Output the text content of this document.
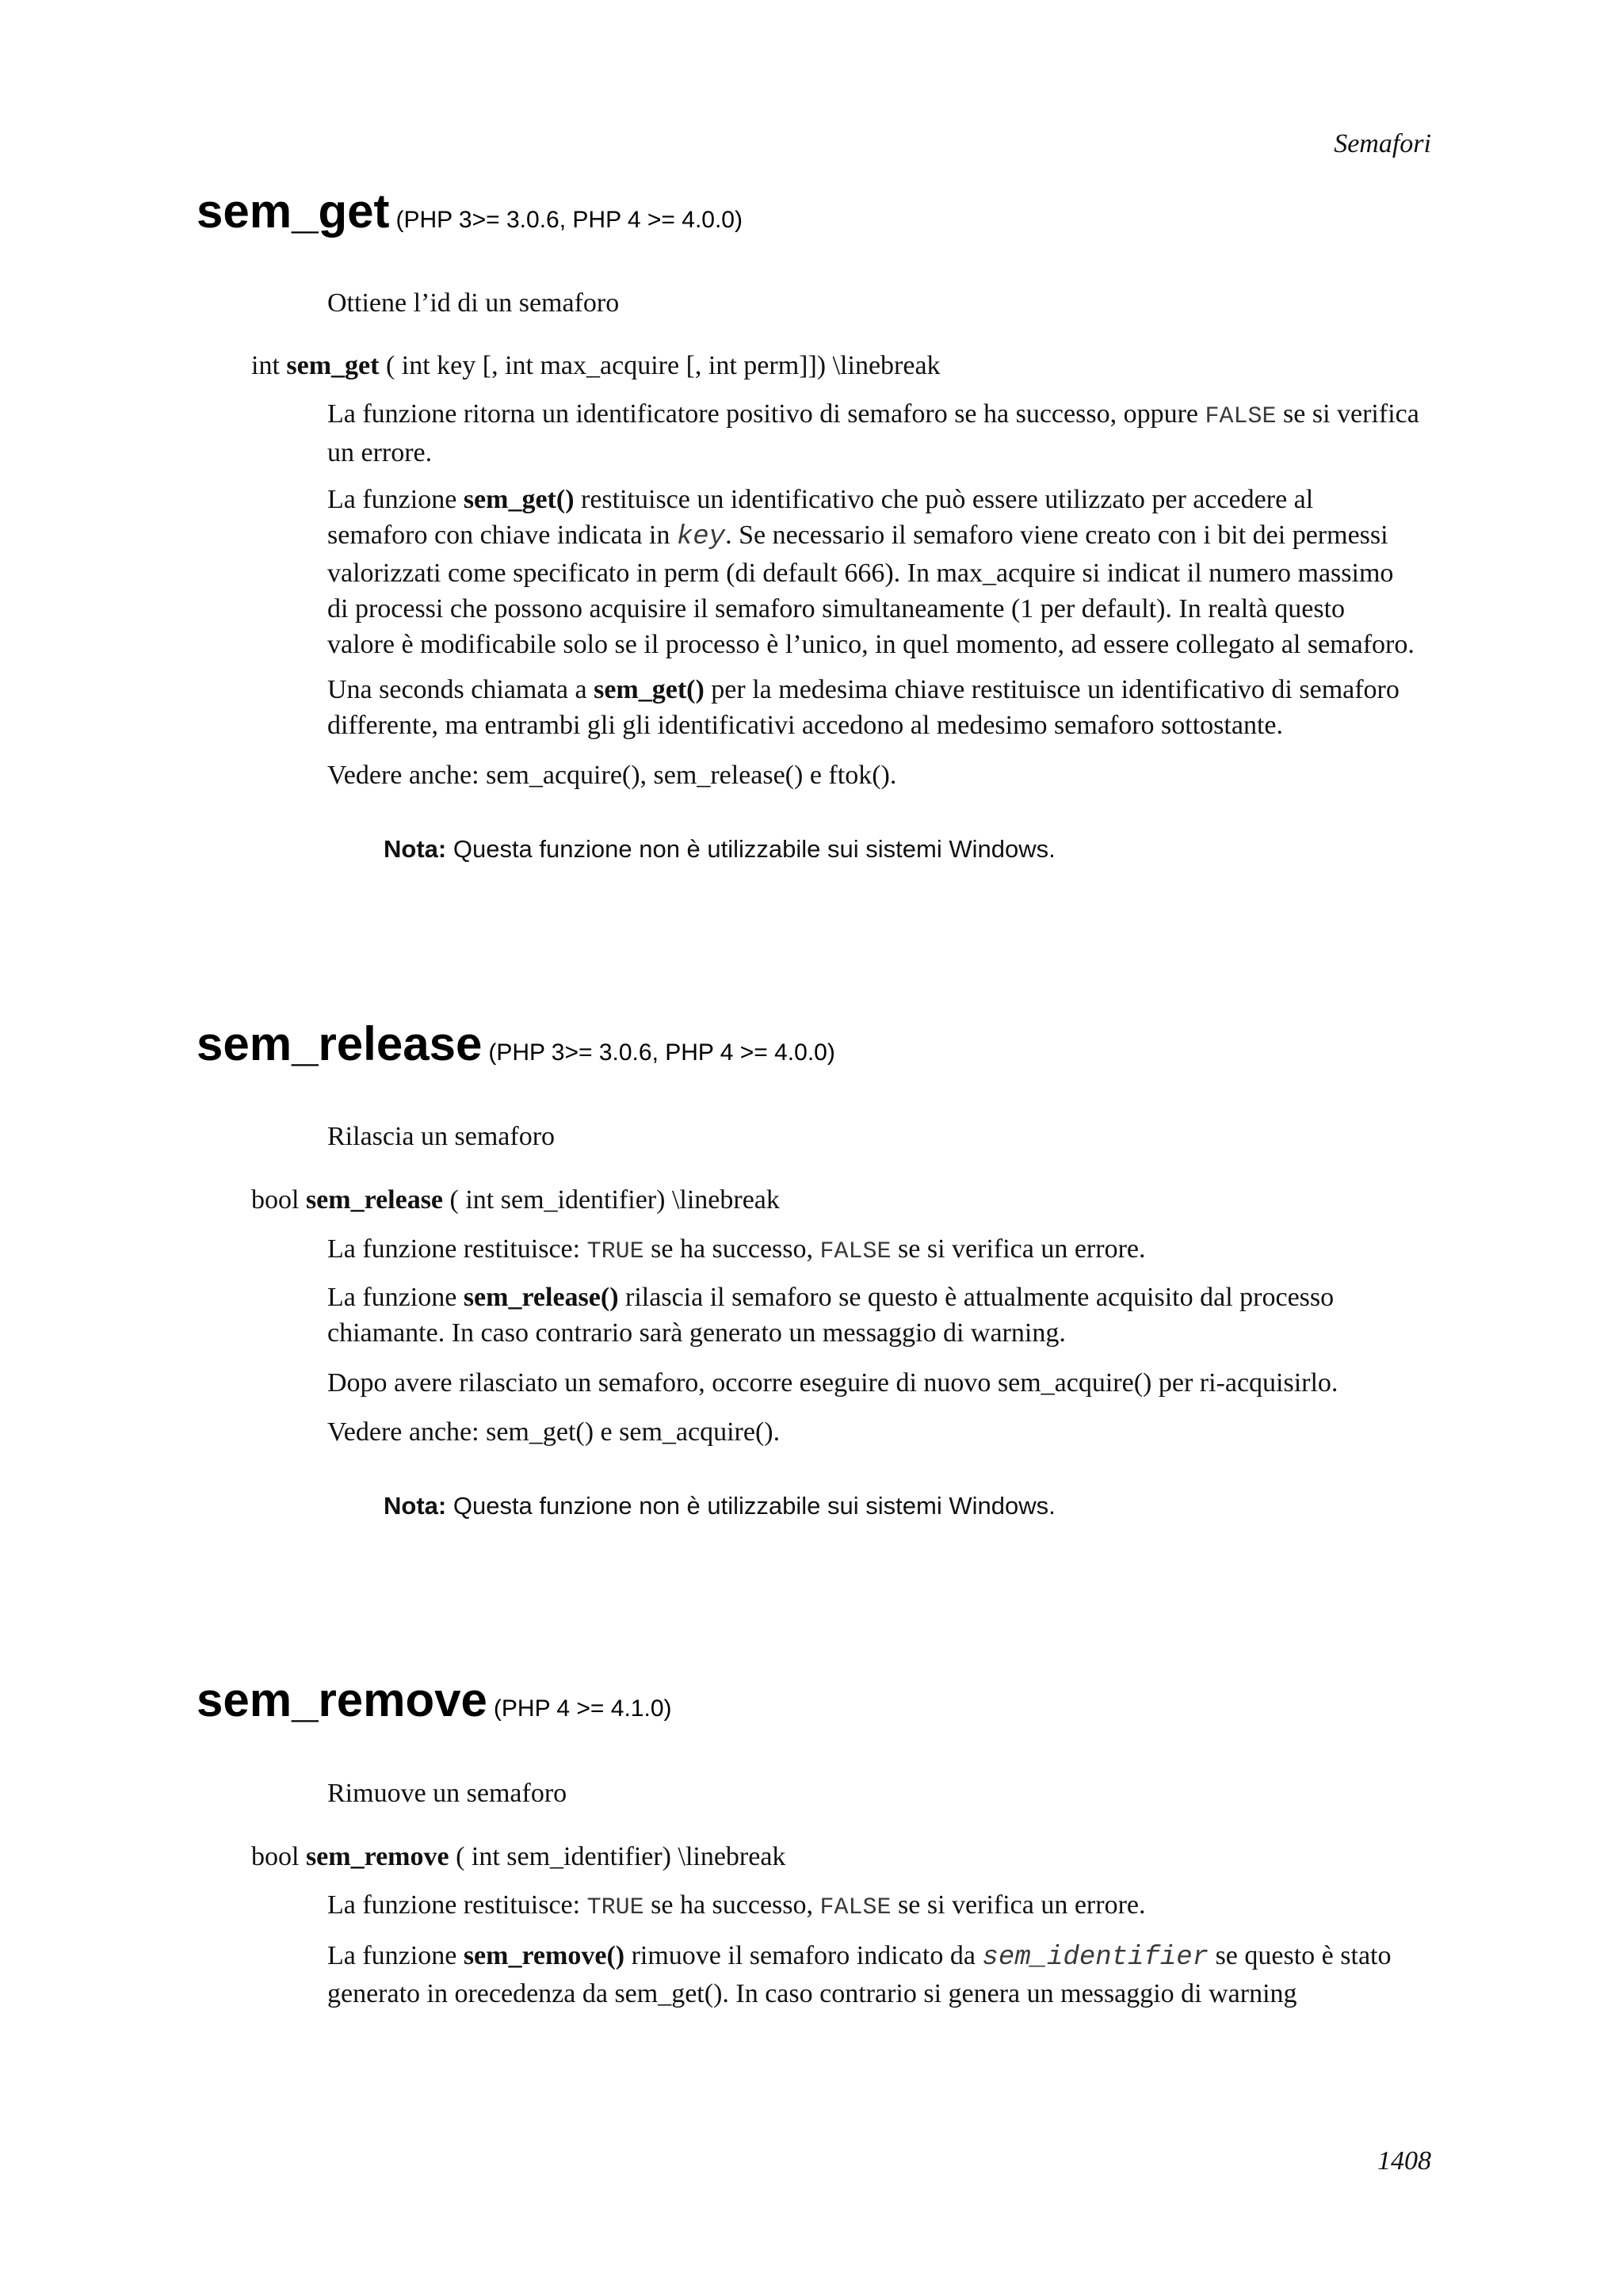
Semafori
sem_get (PHP 3>= 3.0.6, PHP 4 >= 4.0.0)
Ottiene l’id di un semaforo
int sem_get ( int key [, int max_acquire [, int perm]]) \linebreak

La funzione ritorna un identificatore positivo di semaforo se ha successo, oppure FALSE se si verifica
un errore.

La funzione sem_get() restituisce un identificativo che può essere utilizzato per accedere al
semaforo con chiave indicata in key. Se necessario il semaforo viene creato con i bit dei permessi
valorizzati come specificato in perm (di default 666). In max_acquire si indicat il numero massimo
di processi che possono acquisire il semaforo simultaneamente (1 per default). In realtà questo
valore è modificabile solo se il processo è l’unico, in quel momento, ad essere collegato al semaforo.

Una seconds chiamata a sem_get() per la medesima chiave restituisce un identificativo di semaforo
differente, ma entrambi gli gli identificativi accedono al medesimo semaforo sottostante.

Vedere anche: sem_acquire(), sem_release() e ftok().

Nota: Questa funzione non è utilizzabile sui sistemi Windows.
sem_release (PHP 3>= 3.0.6, PHP 4 >= 4.0.0)
Rilascia un semaforo
bool sem_release ( int sem_identifier) \linebreak

La funzione restituisce: TRUE se ha successo, FALSE se si verifica un errore.

La funzione sem_release() rilascia il semaforo se questo è attualmente acquisito dal processo
chiamante. In caso contrario sarà generato un messaggio di warning.

Dopo avere rilasciato un semaforo, occorre eseguire di nuovo sem_acquire() per ri-acquisirlo.

Vedere anche: sem_get() e sem_acquire().

Nota: Questa funzione non è utilizzabile sui sistemi Windows.
sem_remove (PHP 4 >= 4.1.0)
Rimuove un semaforo
bool sem_remove ( int sem_identifier) \linebreak

La funzione restituisce: TRUE se ha successo, FALSE se si verifica un errore.

La funzione sem_remove() rimuove il semaforo indicato da sem_identifier se questo è stato
generato in orecedenza da sem_get(). In caso contrario si genera un messaggio di warning

1408
